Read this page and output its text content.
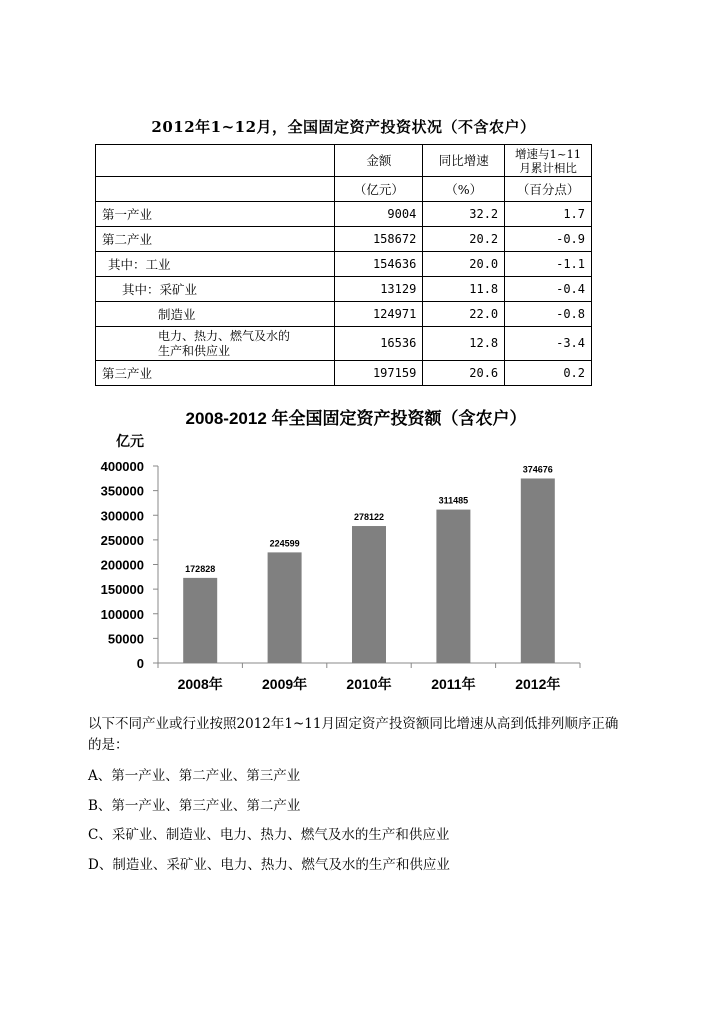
2012年1~12月，全国固定资产投资状况（不含农户）
	金额	同比增速	增速与1~11月累计相比
	（亿元）	（%）	（百分点）
第一产业	9004	32.2	1.7
第二产业	158672	20.2	-0.9
其中：工业	154636	20.0	-1.1
其中：采矿业	13129	11.8	-0.4
制造业	124971	22.0	-0.8
电力、热力、燃气及水的生产和供应业	16536	12.8	-3.4
第三产业	197159	20.6	0.2
2008-2012 年全国固定资产投资额（含农户）
亿元
0
50000
100000
150000
200000
250000
300000
350000
400000
172828
2008年
224599
2009年
278122
2010年
311485
2011年
374676
2012年
以下不同产业或行业按照2012年1~11月固定资产投资额同比增速从高到低排列顺序正确的是：
A、第一产业、第二产业、第三产业
B、第一产业、第三产业、第二产业
C、采矿业、制造业、电力、热力、燃气及水的生产和供应业
D、制造业、采矿业、电力、热力、燃气及水的生产和供应业
